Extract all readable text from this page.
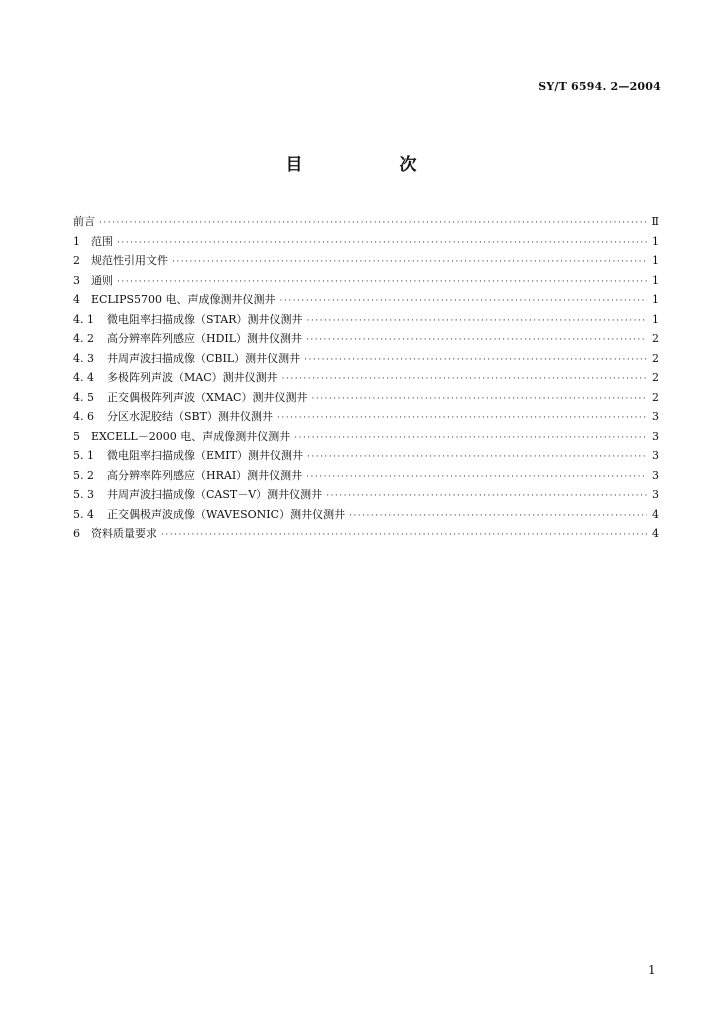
SY/T 6594. 2—2004
目　次
前言 ·····	Ⅱ
1	范围 ·····	1
2	规范性引用文件 ·····	1
3	通则 ·····	1
4	ECLIPS5700 电、声成像测井仪测井 ·····	1
4. 1	微电阻率扫描成像（STAR）测井仪测井 ·····	1
4. 2	高分辨率阵列感应（HDIL）测井仪测井 ·····	2
4. 3	井周声波扫描成像（CBIL）测井仪测井 ·····	2
4. 4	多极阵列声波（MAC）测井仪测井 ·····	2
4. 5	正交偶极阵列声波（XMAC）测井仪测井 ·····	2
4. 6	分区水泥胶结（SBT）测井仪测井 ·····	3
5	EXCELL－2000 电、声成像测井仪测井 ·····	3
5. 1	微电阻率扫描成像（EMIT）测井仪测井 ·····	3
5. 2	高分辨率阵列感应（HRAI）测井仪测井 ·····	3
5. 3	井周声波扫描成像（CAST－V）测井仪测井 ·····	3
5. 4	正交偶极声波成像（WAVESONIC）测井仪测井 ·····	4
6	资料质量要求 ·····	4
1
